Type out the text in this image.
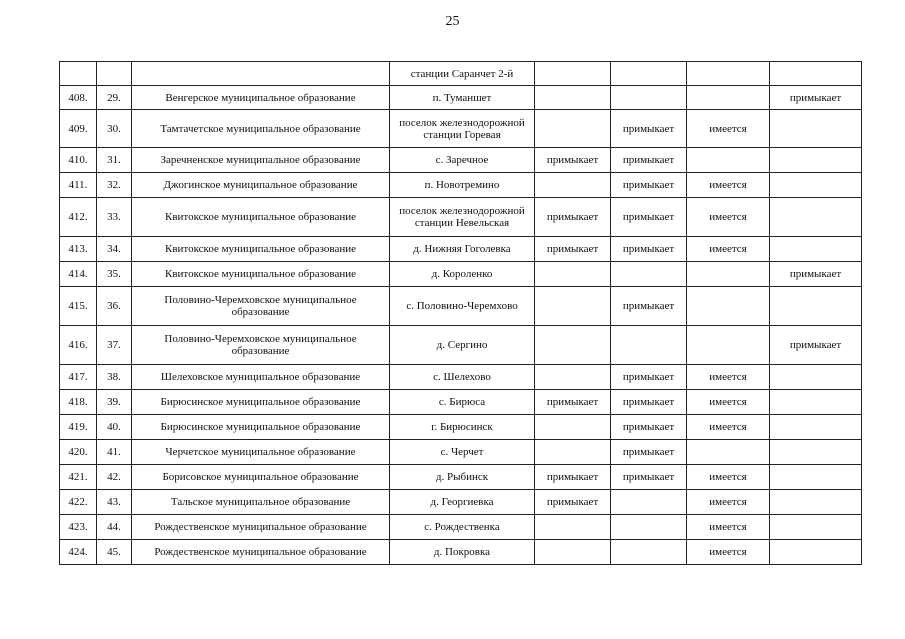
25
			станции Саранчет 2-й				
408.	29.	Венгерское муниципальное образование	п. Туманшет				примыкает
409.	30.	Тамтачетское муниципальное образование	поселок железнодорожной станции Горевая		примыкает	имеется	
410.	31.	Заречненское муниципальное образование	с. Заречное	примыкает	примыкает		
411.	32.	Джогинское муниципальное образование	п. Новотремино		примыкает	имеется	
412.	33.	Квитокское муниципальное образование	поселок железнодорожной станции Невельская	примыкает	примыкает	имеется	
413.	34.	Квитокское муниципальное образование	д. Нижняя Гоголевка	примыкает	примыкает	имеется	
414.	35.	Квитокское муниципальное образование	д. Короленко				примыкает
415.	36.	Половино-Черемховское муниципальное образование	с. Половино-Черемхово		примыкает		
416.	37.	Половино-Черемховское муниципальное образование	д. Сергино				примыкает
417.	38.	Шелеховское муниципальное образование	с. Шелехово		примыкает	имеется	
418.	39.	Бирюсинское муниципальное образование	с. Бирюса	примыкает	примыкает	имеется	
419.	40.	Бирюсинское муниципальное образование	г. Бирюсинск		примыкает	имеется	
420.	41.	Черчетское муниципальное образование	с. Черчет		примыкает		
421.	42.	Борисовское муниципальное образование	д. Рыбинск	примыкает	примыкает	имеется	
422.	43.	Тальское муниципальное образование	д. Георгиевка	примыкает		имеется	
423.	44.	Рождественское муниципальное образование	с. Рождественка			имеется	
424.	45.	Рождественское муниципальное образование	д. Покровка			имеется	
